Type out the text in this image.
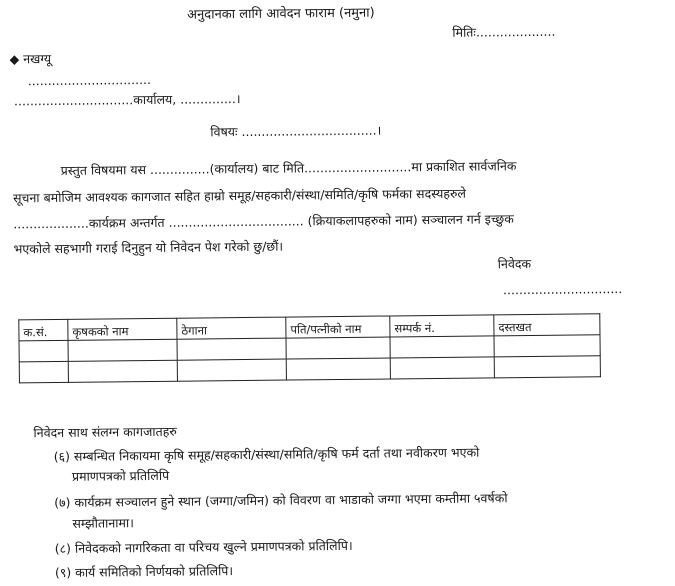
अनुदानका लागि आवेदन फाराम (नमुना)
मितिः....................
◆ नखग्यू
...............................
..............................कार्यालय, ..............।
विषयः ..................................।
प्रस्तुत विषयमा यस ...............(कार्यालय) बाट मिति...........................मा प्रकाशित सार्वजनिक
सूचना बमोजिम आवश्यक कागजात सहित हाम्रो समूह/सहकारी/संस्था/समिति/कृषि फर्मका सदस्यहरुले
...................कार्यक्रम अन्तर्गत .................................. (क्रियाकलापहरुको नाम) सञ्चालन गर्न इच्छुक
भएकोले सहभागी गराई दिनुहुन यो निवेदन पेश गरेको छु/छौं।
निवेदक
..............................
क.सं.	कृषकको नाम	ठेगाना	पति/पत्नीको नाम	सम्पर्क नं.	दस्तखत

निवेदन साथ संलग्न कागजातहरु
(६) सम्बन्धित निकायमा कृषि समूह/सहकारी/संस्था/समिति/कृषि फर्म दर्ता तथा नवीकरण भएको
प्रमाणपत्रको प्रतिलिपि
(७) कार्यक्रम सञ्चालन हुने स्थान (जग्गा/जमिन) को विवरण वा भाडाको जग्गा भएमा कम्तीमा ५वर्षको
सम्झौतानामा।
(८) निवेदकको नागरिकता वा परिचय खुल्ने प्रमाणपत्रको प्रतिलिपि।
(९) कार्य समितिको निर्णयको प्रतिलिपि।
